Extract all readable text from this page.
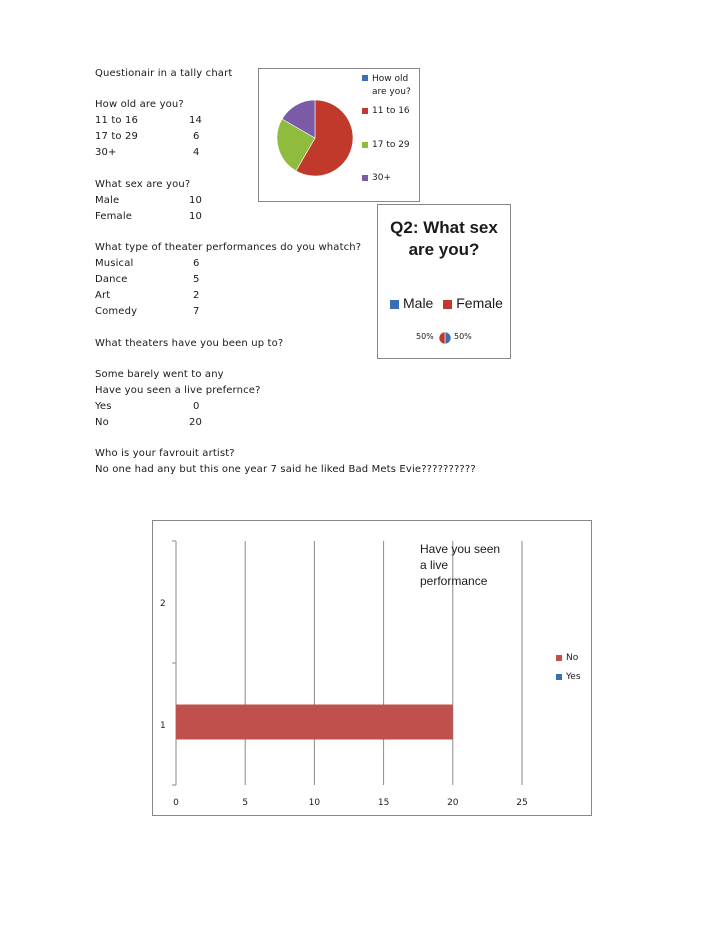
Questionair in a tally chart
How old are you?
11 to 16	14
17 to 29	6
30+	4
What sex are you?
Male	10
Female	10
What type of theater performances do you whatch?
Musical	6
Dance	5
Art	2
Comedy	7
What theaters have you been up to?
Some barely went to any
Have you seen a live prefernce?
Yes	0
No	20
Who is your favrouit artist?
No one had any but this one year 7 said he liked Bad Mets Evie??????????
How old are you?
11 to 16
17 to 29
30+
Q2: What sex are you?
Male Female
50%	50%
0	5	10	15	20	25
1
2
Have you seen a live performance
No
Yes
